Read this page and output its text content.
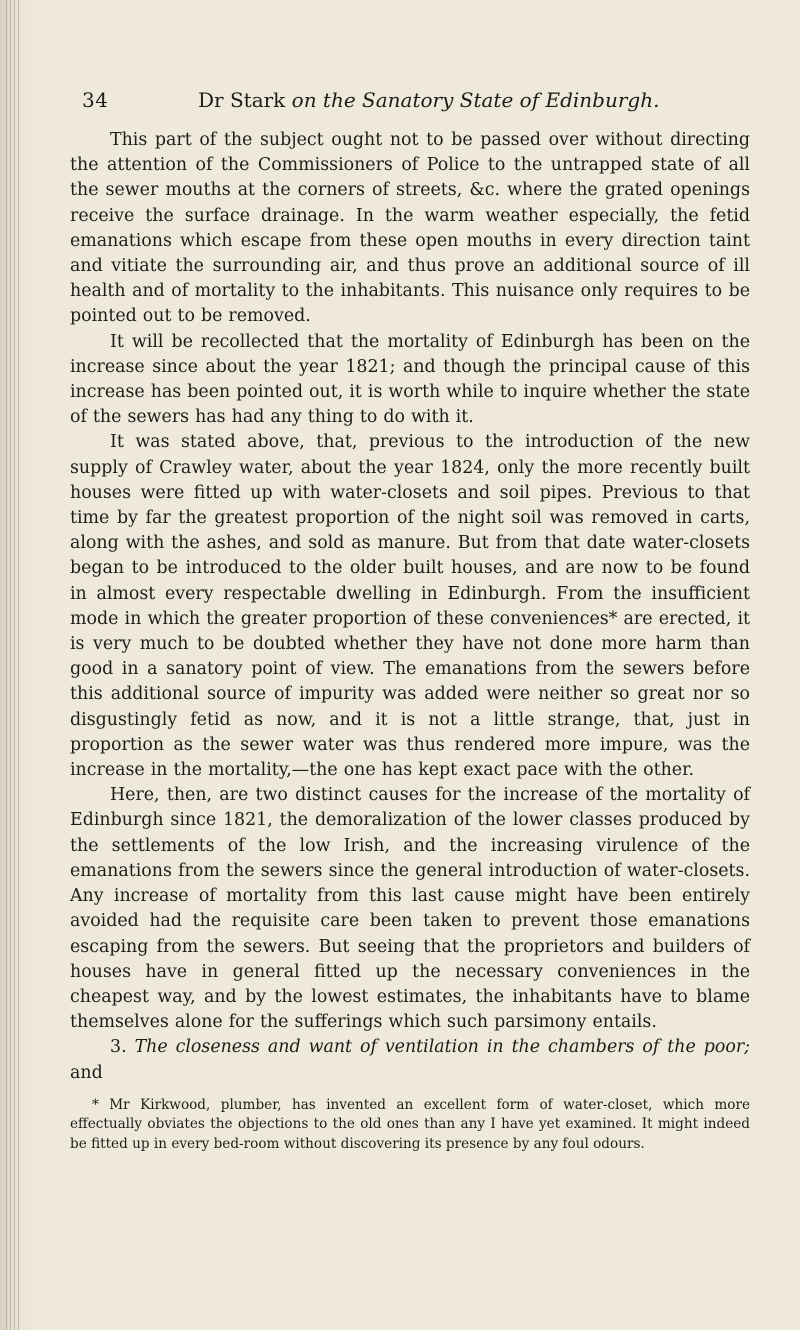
34	Dr Stark on the Sanatory State of Edinburgh.

This part of the subject ought not to be passed over without directing the attention of the Commissioners of Police to the untrapped state of all the sewer mouths at the corners of streets, &c. where the grated openings receive the surface drainage. In the warm weather especially, the fetid emanations which escape from these open mouths in every direction taint and vitiate the surrounding air, and thus prove an additional source of ill health and of mortality to the inhabitants. This nuisance only requires to be pointed out to be removed.

It will be recollected that the mortality of Edinburgh has been on the increase since about the year 1821; and though the principal cause of this increase has been pointed out, it is worth while to inquire whether the state of the sewers has had any thing to do with it.

It was stated above, that, previous to the introduction of the new supply of Crawley water, about the year 1824, only the more recently built houses were fitted up with water-closets and soil pipes. Previous to that time by far the greatest proportion of the night soil was removed in carts, along with the ashes, and sold as manure. But from that date water-closets began to be introduced to the older built houses, and are now to be found in almost every respectable dwelling in Edinburgh. From the insufficient mode in which the greater proportion of these conveniences* are erected, it is very much to be doubted whether they have not done more harm than good in a sanatory point of view. The emanations from the sewers before this additional source of impurity was added were neither so great nor so disgustingly fetid as now, and it is not a little strange, that, just in proportion as the sewer water was thus rendered more impure, was the increase in the mortality,—the one has kept exact pace with the other.

Here, then, are two distinct causes for the increase of the mortality of Edinburgh since 1821, the demoralization of the lower classes produced by the settlements of the low Irish, and the increasing virulence of the emanations from the sewers since the general introduction of water-closets. Any increase of mortality from this last cause might have been entirely avoided had the requisite care been taken to prevent those emanations escaping from the sewers. But seeing that the proprietors and builders of houses have in general fitted up the necessary conveniences in the cheapest way, and by the lowest estimates, the inhabitants have to blame themselves alone for the sufferings which such parsimony entails.

3. The closeness and want of ventilation in the chambers of the poor; and

* Mr Kirkwood, plumber, has invented an excellent form of water-closet, which more effectually obviates the objections to the old ones than any I have yet examined. It might indeed be fitted up in every bed-room without discovering its presence by any foul odours.
